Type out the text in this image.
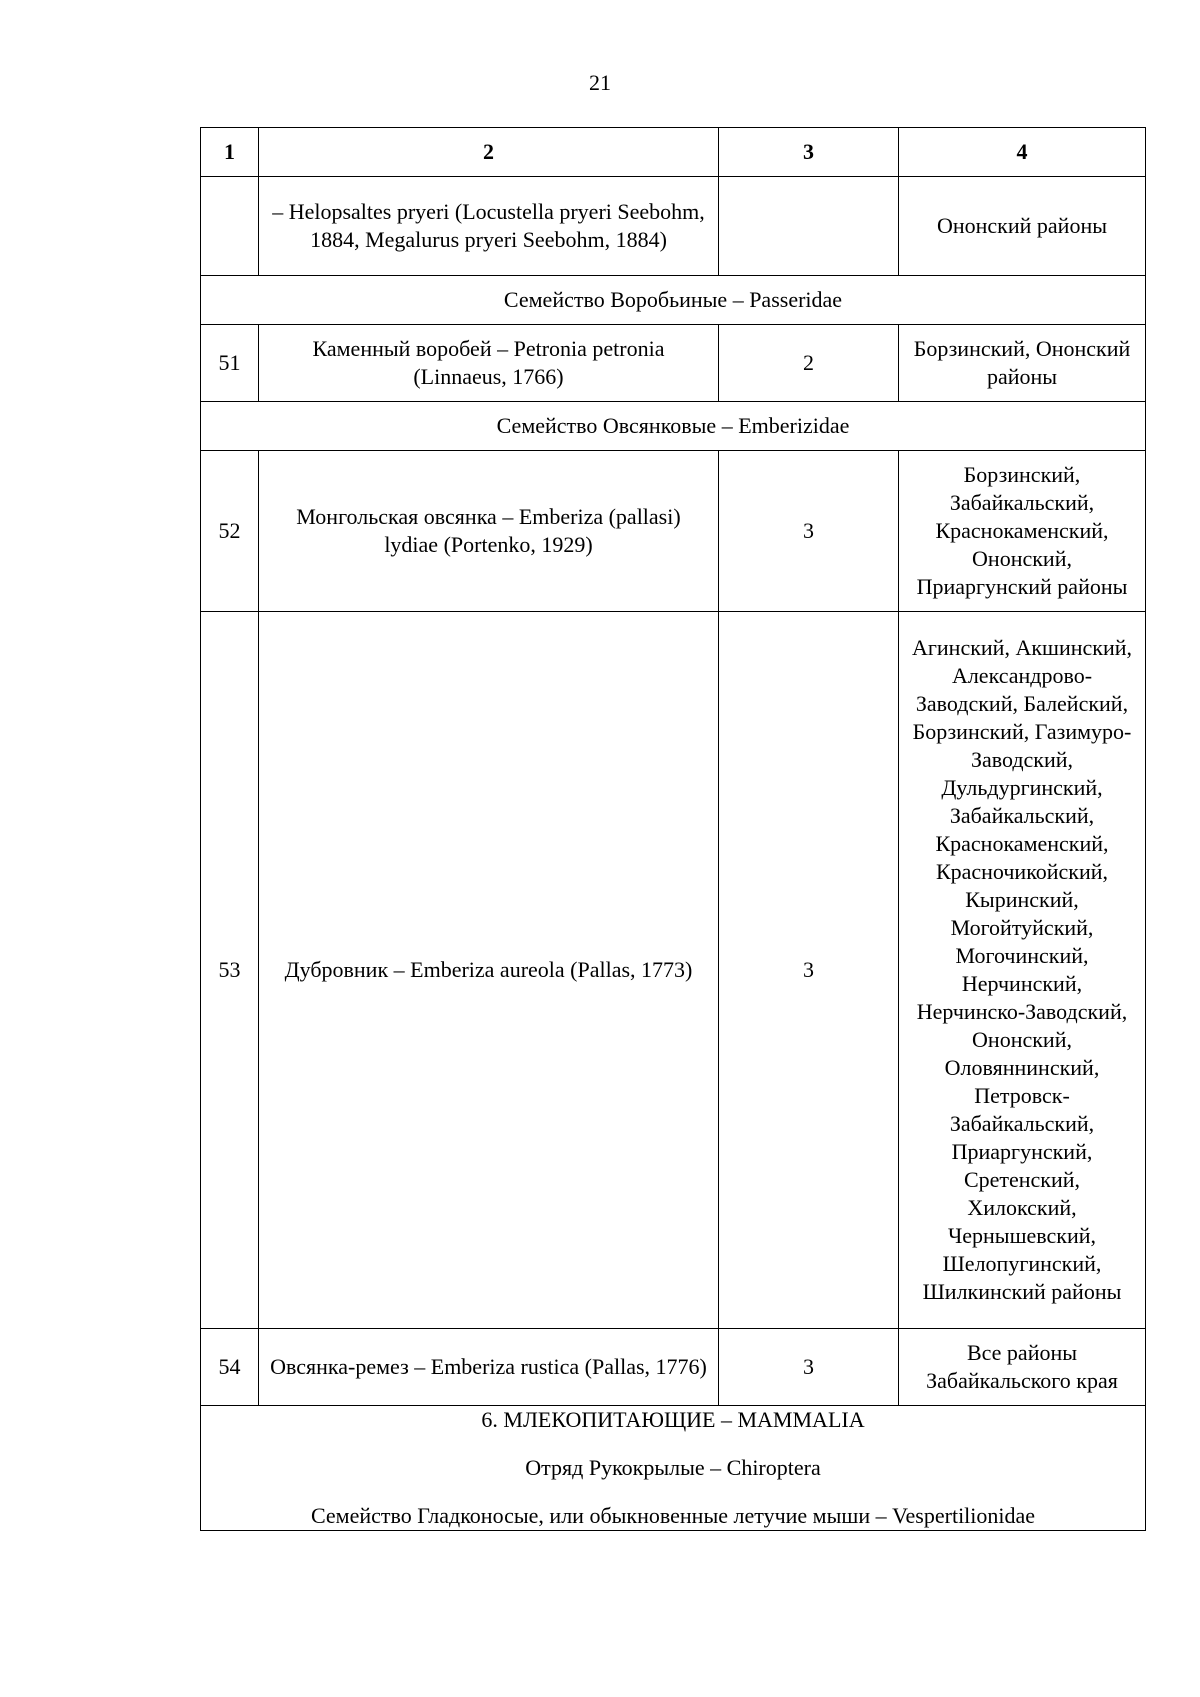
21
1	2	3	4
	– Helopsaltes pryeri (Locustella pryeri Seebohm, 1884, Megalurus pryeri Seebohm, 1884)		Ононский районы
Семейство Воробьиные – Passeridae			
51	Каменный воробей – Petronia petronia (Linnaeus, 1766)	2	Борзинский, Ононский районы
Семейство Овсянковые – Emberizidae			
52	Монгольская овсянка – Emberiza (pallasi) lydiae (Portenko, 1929)	3	Борзинский, Забайкальский, Краснокаменский, Ононский, Приаргунский районы
53	Дубровник – Emberiza aureola (Pallas, 1773)	3	Агинский, Акшинский, Александрово-Заводский, Балейский, Борзинский, Газимуро-Заводский, Дульдургинский, Забайкальский, Краснокаменский, Красночикойский, Кыринский, Могойтуйский, Могочинский, Нерчинский, Нерчинско-Заводский, Ононский, Оловяннинский, Петровск-Забайкальский, Приаргунский, Сретенский, Хилокский, Чернышевский, Шелопугинский, Шилкинский районы
54	Овсянка-ремез – Emberiza rustica (Pallas, 1776)	3	Все районы Забайкальского края

6. МЛЕКОПИТАЮЩИЕ – MAMMALIA
Отряд Рукокрылые – Chiroptera
Семейство Гладконосые, или обыкновенные летучие мыши – Vespertilionidae			
